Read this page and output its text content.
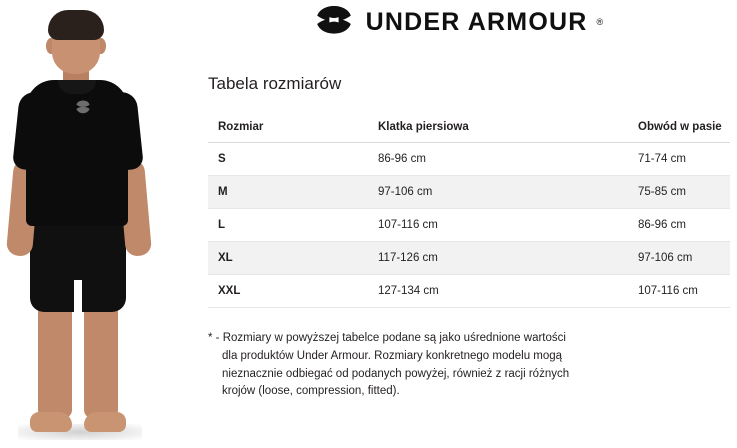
UNDER ARMOUR ®
Tabela rozmiarów
Rozmiar	Klatka piersiowa	Obwód w pasie
S	86-96 cm	71-74 cm
M	97-106 cm	75-85 cm
L	107-116 cm	86-96 cm
XL	117-126 cm	97-106 cm
XXL	127-134 cm	107-116 cm

* - Rozmiary w powyższej tabelce podane są jako uśrednione wartości
dla produktów Under Armour. Rozmiary konkretnego modelu mogą
nieznacznie odbiegać od podanych powyżej, również z racji różnych
krojów (loose, compression, fitted).
